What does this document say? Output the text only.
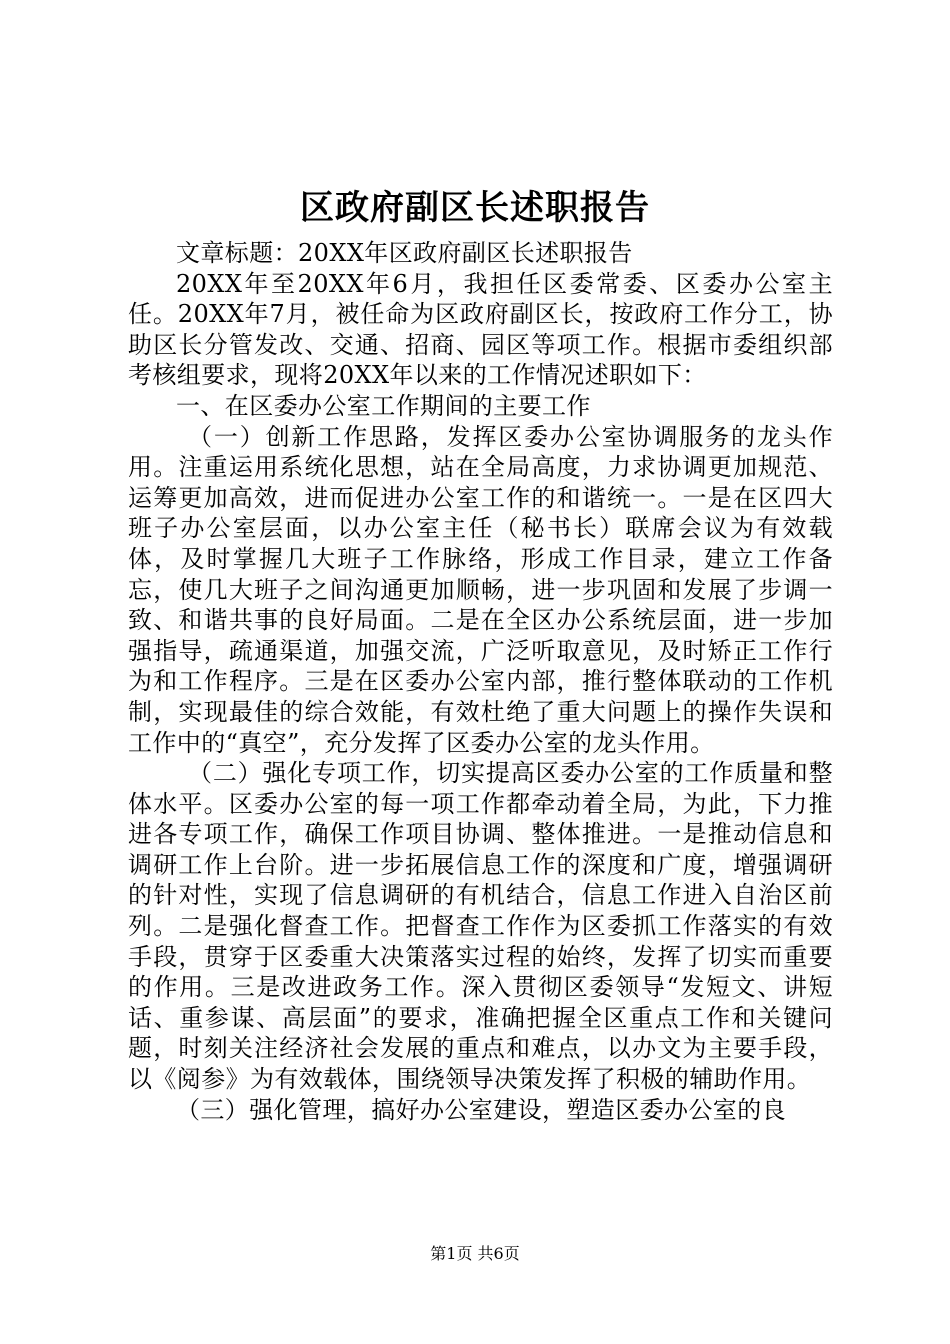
区政府副区长述职报告

文章标题：20XX年区政府副区长述职报告

20XX年至20XX年6月，我担任区委常委、区委办公室主任。20XX年7月，被任命为区政府副区长，按政府工作分工，协助区长分管发改、交通、招商、园区等项工作。根据市委组织部考核组要求，现将20XX年以来的工作情况述职如下：

一、在区委办公室工作期间的主要工作

（一）创新工作思路，发挥区委办公室协调服务的龙头作用。注重运用系统化思想，站在全局高度，力求协调更加规范、运筹更加高效，进而促进办公室工作的和谐统一。一是在区四大班子办公室层面，以办公室主任（秘书长）联席会议为有效载体，及时掌握几大班子工作脉络，形成工作目录，建立工作备忘，使几大班子之间沟通更加顺畅，进一步巩固和发展了步调一致、和谐共事的良好局面。二是在全区办公系统层面，进一步加强指导，疏通渠道，加强交流，广泛听取意见，及时矫正工作行为和工作程序。三是在区委办公室内部，推行整体联动的工作机制，实现最佳的综合效能，有效杜绝了重大问题上的操作失误和工作中的“真空”，充分发挥了区委办公室的龙头作用。

（二）强化专项工作，切实提高区委办公室的工作质量和整体水平。区委办公室的每一项工作都牵动着全局，为此，下力推进各专项工作，确保工作项目协调、整体推进。一是推动信息和调研工作上台阶。进一步拓展信息工作的深度和广度，增强调研的针对性，实现了信息调研的有机结合，信息工作进入自治区前列。二是强化督查工作。把督查工作作为区委抓工作落实的有效手段，贯穿于区委重大决策落实过程的始终，发挥了切实而重要的作用。三是改进政务工作。深入贯彻区委领导“发短文、讲短话、重参谋、高层面”的要求，准确把握全区重点工作和关键问题，时刻关注经济社会发展的重点和难点，以办文为主要手段，以《阅参》为有效载体，围绕领导决策发挥了积极的辅助作用。

（三）强化管理，搞好办公室建设，塑造区委办公室的良

第1页 共6页
